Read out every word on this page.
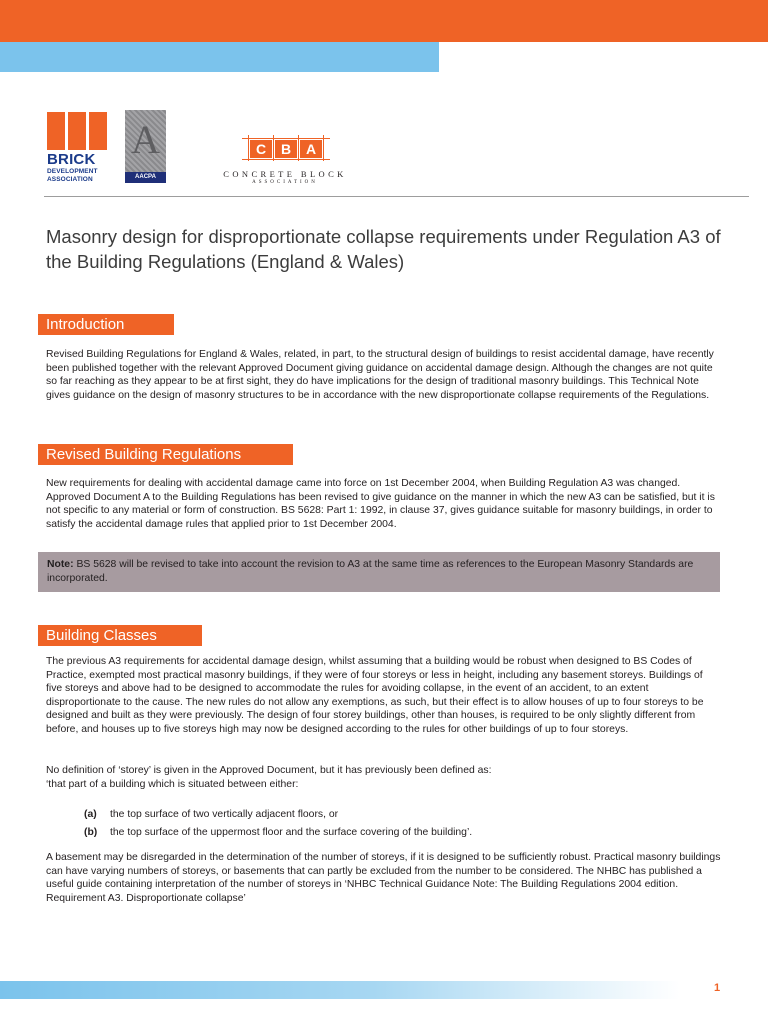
BRICK
DEVELOPMENT
ASSOCIATION
A
AACPA
C	B	A
CONCRETE BLOCK
ASSOCIATION
Masonry design for disproportionate collapse requirements under Regulation A3 of the Building Regulations (England & Wales)
Introduction
Revised Building Regulations for England & Wales, related, in part, to the structural design of buildings to resist accidental damage, have recently been published together with the relevant Approved Document giving guidance on accidental damage design. Although the changes are not quite so far reaching as they appear to be at first sight, they do have implications for the design of traditional masonry buildings. This Technical Note gives guidance on the design of masonry structures to be in accordance with the new disproportionate collapse requirements of the Regulations.
Revised Building Regulations
New requirements for dealing with accidental damage came into force on 1st December 2004, when Building Regulation A3 was changed. Approved Document A to the Building Regulations has been revised to give guidance on the manner in which the new A3 can be satisfied, but it is not specific to any material or form of construction. BS 5628: Part 1: 1992, in clause 37, gives guidance suitable for masonry buildings, in order to satisfy the accidental damage rules that applied prior to 1st December 2004.
Note: BS 5628 will be revised to take into account the revision to A3 at the same time as references to the European Masonry Standards are incorporated.
Building Classes
The previous A3 requirements for accidental damage design, whilst assuming that a building would be robust when designed to BS Codes of Practice, exempted most practical masonry buildings, if they were of four storeys or less in height, including any basement storeys. Buildings of five storeys and above had to be designed to accommodate the rules for avoiding collapse, in the event of an accident, to an extent disproportionate to the cause. The new rules do not allow any exemptions, as such, but their effect is to allow houses of up to four storeys to be designed and built as they were previously. The design of four storey buildings, other than houses, is required to be only slightly different from before, and houses up to five storeys high may now be designed according to the rules for other buildings of up to four storeys.
No definition of ‘storey’ is given in the Approved Document, but it has previously been defined as:
‘that part of a building which is situated between either:
(a)	the top surface of two vertically adjacent floors, or
(b)	the top surface of the uppermost floor and the surface covering of the building’.
A basement may be disregarded in the determination of the number of storeys, if it is designed to be sufficiently robust. Practical masonry buildings can have varying numbers of storeys, or basements that can partly be excluded from the number to be considered. The NHBC has published a useful guide containing interpretation of the number of storeys in ‘NHBC Technical Guidance Note: The Building Regulations 2004 edition. Requirement A3. Disproportionate collapse’
1
